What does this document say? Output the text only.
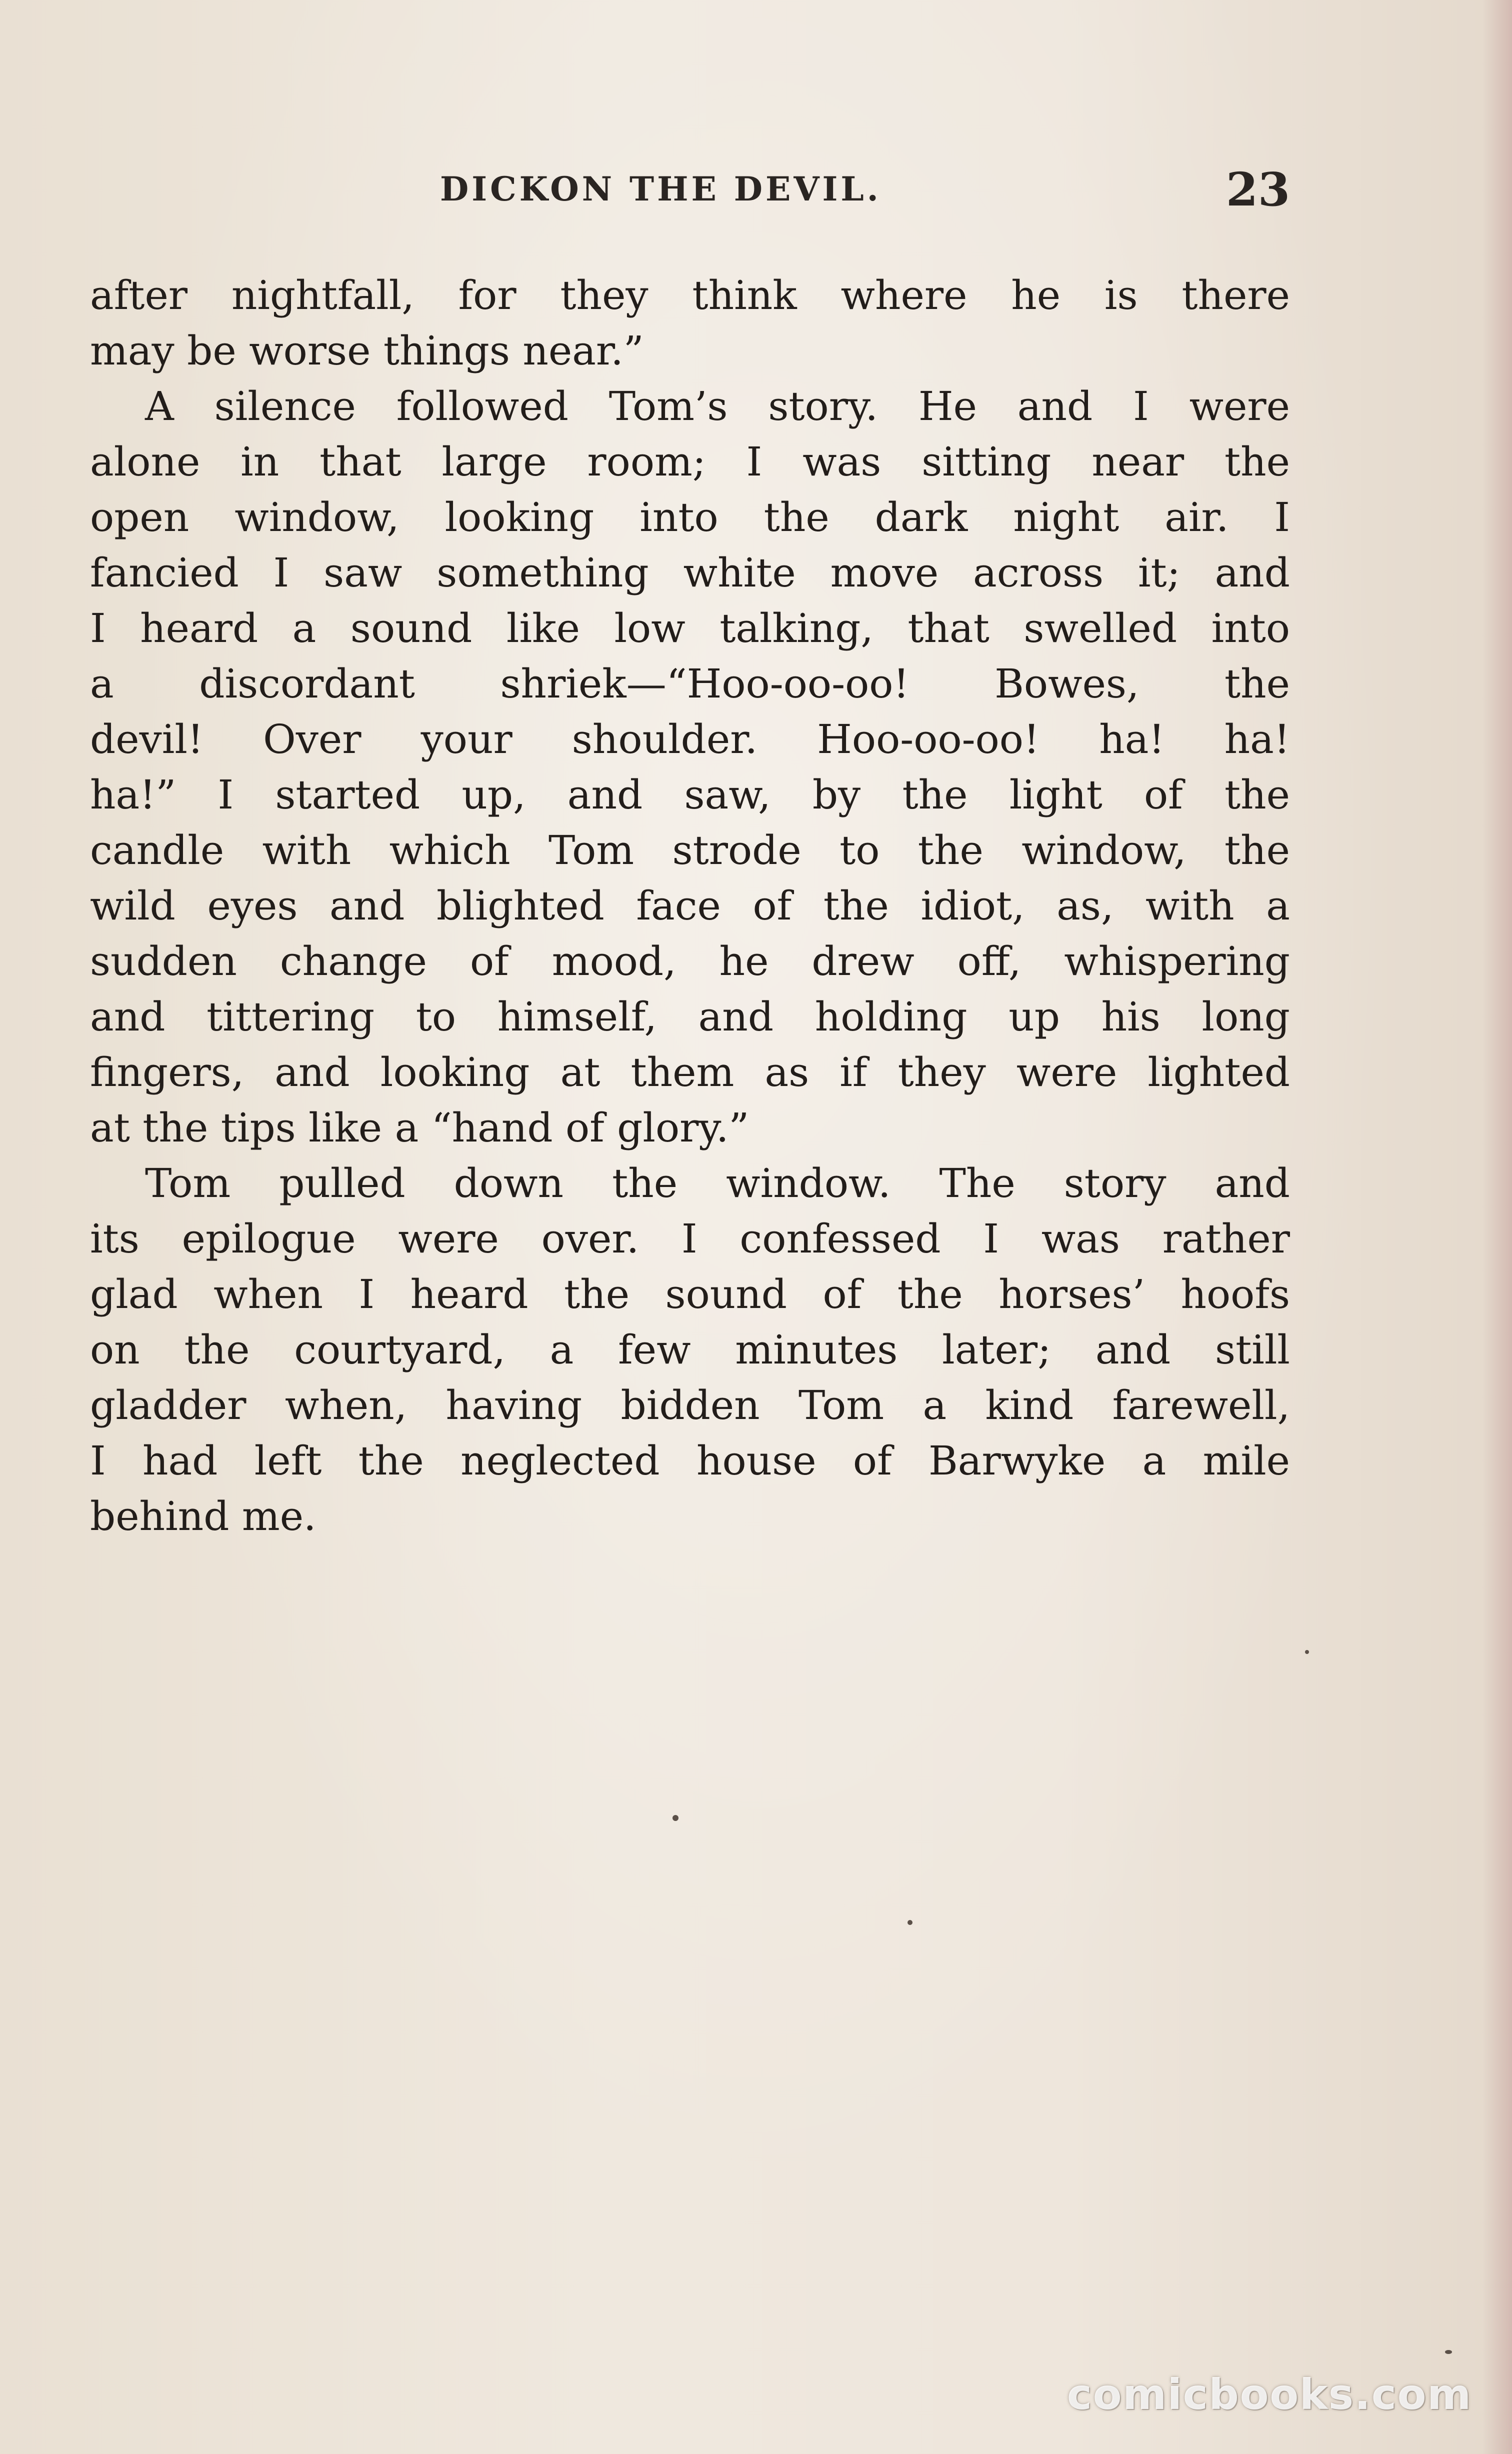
DICKON THE DEVIL.	23
after nightfall, for they think where he is there
may be worse things near.”
A silence followed Tom’s story. He and I were
alone in that large room; I was sitting near the
open window, looking into the dark night air. I
fancied I saw something white move across it; and
I heard a sound like low talking, that swelled into
a discordant shriek—“Hoo-oo-oo! Bowes, the
devil! Over your shoulder. Hoo-oo-oo! ha! ha!
ha!” I started up, and saw, by the light of the
candle with which Tom strode to the window, the
wild eyes and blighted face of the idiot, as, with a
sudden change of mood, he drew off, whispering
and tittering to himself, and holding up his long
fingers, and looking at them as if they were lighted
at the tips like a “hand of glory.”
Tom pulled down the window. The story and
its epilogue were over. I confessed I was rather
glad when I heard the sound of the horses’ hoofs
on the courtyard, a few minutes later; and still
gladder when, having bidden Tom a kind farewell,
I had left the neglected house of Barwyke a mile
behind me.
comicbooks.com
